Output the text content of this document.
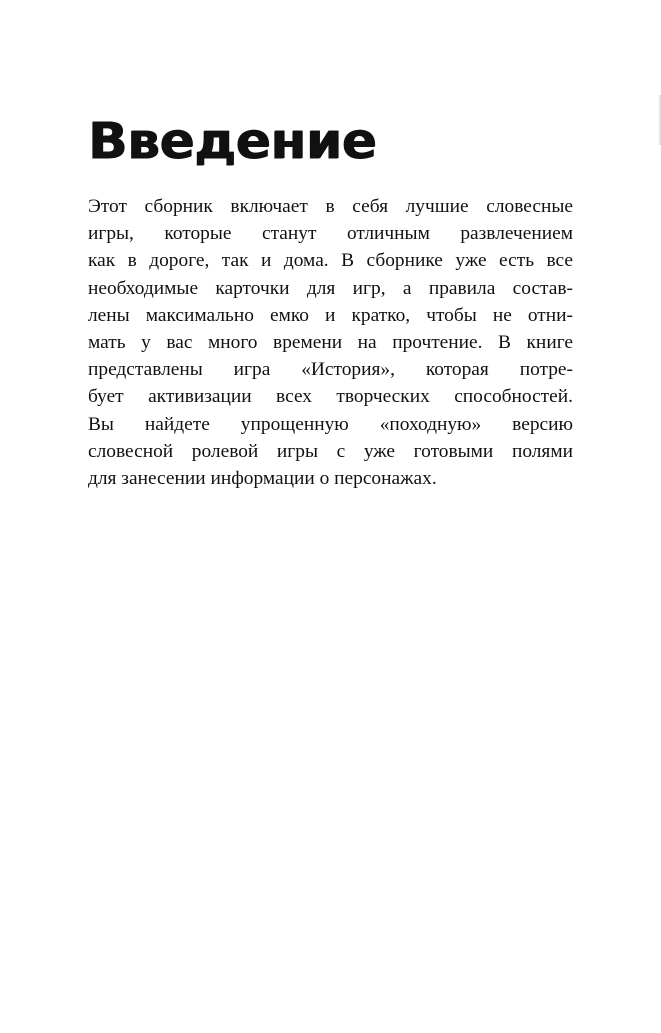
Введение
Этот сборник включает в себя лучшие словесные
игры, которые станут отличным развлечением
как в дороге, так и дома. В сборнике уже есть все
необходимые карточки для игр, а правила состав-
лены максимально емко и кратко, чтобы не отни-
мать у вас много времени на прочтение. В книге
представлены игра «История», которая потре-
бует активизации всех творческих способностей.
Вы найдете упрощенную «походную» версию
словесной ролевой игры с уже готовыми полями
для занесении информации о персонажах.
